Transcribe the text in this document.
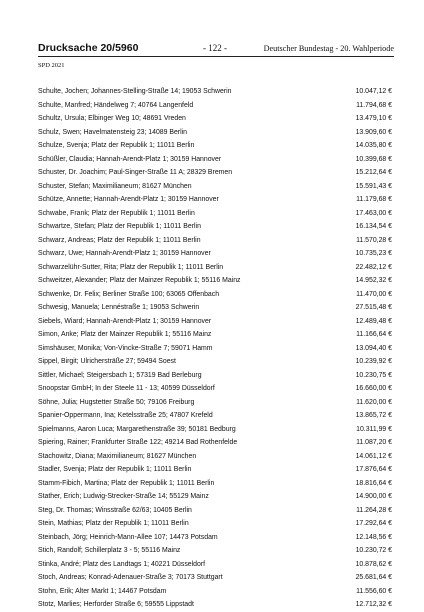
Drucksache 20/5960	- 122 -	Deutscher Bundestag - 20. Wahlperiode
SPD 2021
Schulte, Jochen; Johannes-Stelling-Straße 14; 19053 Schwerin	10.047,12 €
Schulte, Manfred; Händelweg 7; 40764 Langenfeld	11.794,68 €
Schultz, Ursula; Elbinger Weg 10; 48691 Vreden	13.479,10 €
Schulz, Swen; Havelmatensteig 23; 14089 Berlin	13.909,60 €
Schulze, Svenja; Platz der Republik 1; 11011 Berlin	14.035,80 €
Schüßler, Claudia; Hannah-Arendt-Platz 1; 30159 Hannover	10.399,68 €
Schuster, Dr. Joachim; Paul-Singer-Straße 11 A; 28329 Bremen	15.212,64 €
Schuster, Stefan; Maximilianeum; 81627 München	15.591,43 €
Schütze, Annette; Hannah-Arendt-Platz 1; 30159 Hannover	11.179,68 €
Schwabe, Frank; Platz der Republik 1; 11011 Berlin	17.463,00 €
Schwartze, Stefan; Platz der Republik 1; 11011 Berlin	16.134,54 €
Schwarz, Andreas; Platz der Republik 1; 11011 Berlin	11.570,28 €
Schwarz, Uwe; Hannah-Arendt-Platz 1; 30159 Hannover	10.735,23 €
Schwarzelühr-Sutter, Rita; Platz der Republik 1; 11011 Berlin	22.482,12 €
Schweitzer, Alexander; Platz der Mainzer Republik 1; 55116 Mainz	14.952,32 €
Schwenke, Dr. Felix; Berliner Straße 100; 63065 Offenbach	11.470,00 €
Schwesig, Manuela; Lennéstraße 1; 19053 Schwerin	27.515,48 €
Siebels, Wiard; Hannah-Arendt-Platz 1; 30159 Hannover	12.489,48 €
Simon, Anke; Platz der Mainzer Republik 1; 55116 Mainz	11.166,64 €
Simshäuser, Monika; Von-Vincke-Straße 7; 59071 Hamm	13.094,40 €
Sippel, Birgit; Ulrichersträße 27; 59494 Soest	10.239,92 €
Sittler, Michael; Steigersbach 1; 57319 Bad Berleburg	10.230,75 €
Snoopstar GmbH; In der Steele 11 - 13; 40599 Düsseldorf	16.660,00 €
Söhne, Julia; Hugstetter Straße 50; 79106 Freiburg	11.620,00 €
Spanier-Oppermann, Ina; Ketelsstraße 25; 47807 Krefeld	13.865,72 €
Spielmanns, Aaron Luca; Margarethenstraße 39; 50181 Bedburg	10.311,99 €
Spiering, Rainer; Frankfurter Straße 122; 49214 Bad Rothenfelde	11.087,20 €
Stachowitz, Diana; Maximilianeum; 81627 München	14.061,12 €
Stadler, Svenja; Platz der Republik 1; 11011 Berlin	17.876,64 €
Stamm-Fibich, Martina; Platz der Republik 1; 11011 Berlin	18.816,64 €
Stather, Erich; Ludwig-Strecker-Straße 14; 55129 Mainz	14.900,00 €
Steg, Dr. Thomas; Winsstraße 62/63; 10405 Berlin	11.264,28 €
Stein, Mathias; Platz der Republik 1; 11011 Berlin	17.292,64 €
Steinbach, Jörg; Heinrich-Mann-Allee 107; 14473 Potsdam	12.148,56 €
Stich, Randolf; Schillerplatz 3 - 5; 55116 Mainz	10.230,72 €
Stinka, André; Platz des Landtags 1; 40221 Düsseldorf	10.878,62 €
Stoch, Andreas; Konrad-Adenauer-Straße 3; 70173 Stuttgart	25.681,64 €
Stohn, Erik; Alter Markt 1; 14467 Potsdam	11.556,60 €
Stotz, Marlies; Herforder Straße 6; 59555 Lippstadt	12.712,32 €
